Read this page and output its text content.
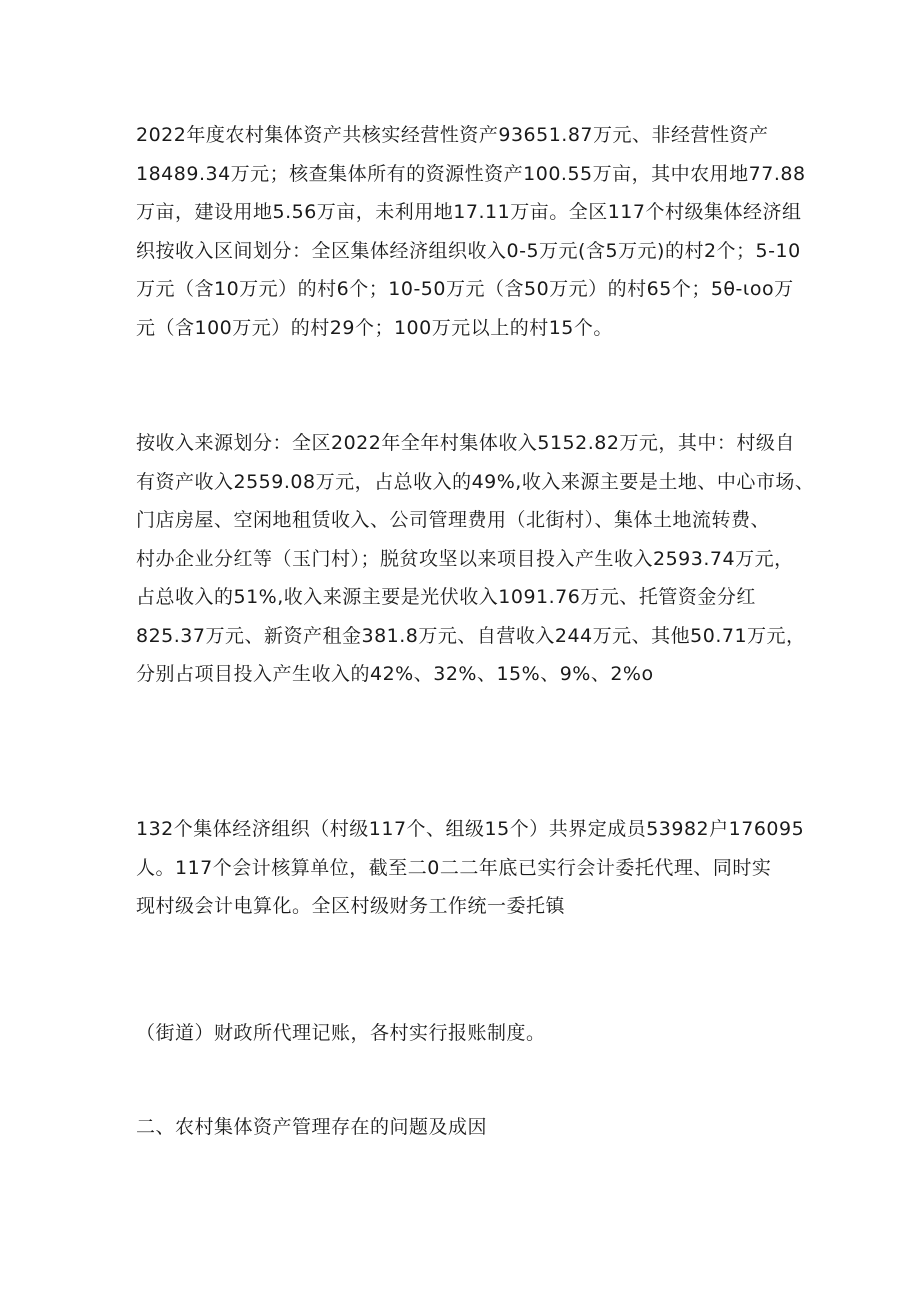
2022年度农村集体资产共核实经营性资产93651.87万元、非经营性资产
18489.34万元；核查集体所有的资源性资产100.55万亩，其中农用地77.88
万亩，建设用地5.56万亩，未利用地17.11万亩。全区117个村级集体经济组
织按收入区间划分：全区集体经济组织收入0-5万元(含5万元)的村2个；5-10
万元（含10万元）的村6个；10-50万元（含50万元）的村65个；5θ-ιoo万
元（含100万元）的村29个；100万元以上的村15个。
按收入来源划分：全区2022年全年村集体收入5152.82万元，其中：村级自
有资产收入2559.08万元，占总收入的49%,收入来源主要是土地、中心市场、
门店房屋、空闲地租赁收入、公司管理费用（北街村）、集体土地流转费、
村办企业分红等（玉门村）；脱贫攻坚以来项目投入产生收入2593.74万元，
占总收入的51%,收入来源主要是光伏收入1091.76万元、托管资金分红
825.37万元、新资产租金381.8万元、自营收入244万元、其他50.71万元，
分别占项目投入产生收入的42%、32%、15%、9%、2%o
132个集体经济组织（村级117个、组级15个）共界定成员53982户176095
人。117个会计核算单位，截至二0二二年底已实行会计委托代理、同时实
现村级会计电算化。全区村级财务工作统一委托镇
（街道）财政所代理记账，各村实行报账制度。
二、农村集体资产管理存在的问题及成因
